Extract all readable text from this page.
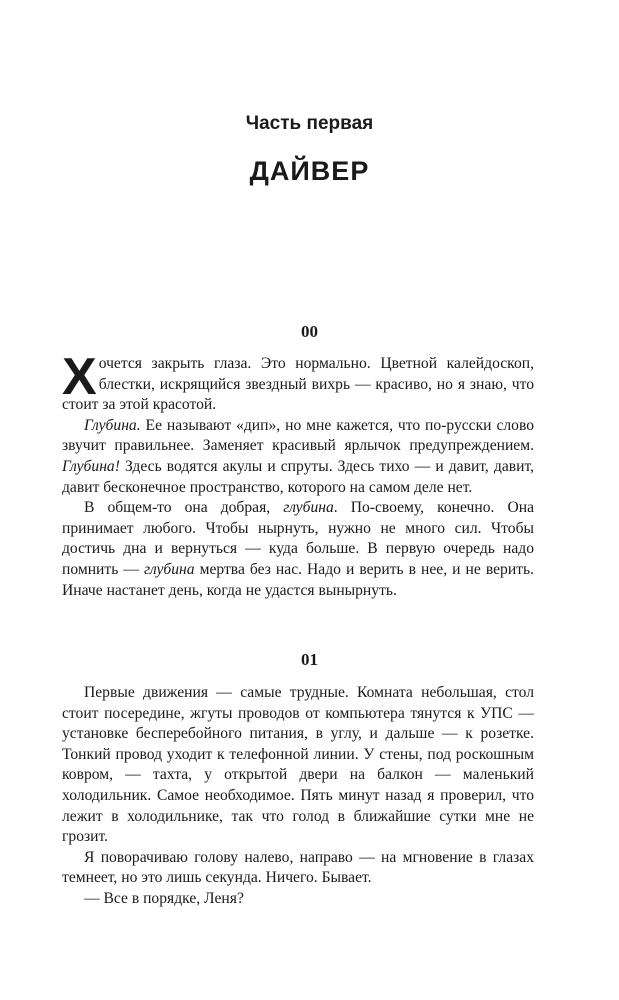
Часть первая
ДАЙВЕР
00

Хочется закрыть глаза. Это нормально. Цветной калейдоскоп, блестки, искрящийся звездный вихрь — красиво, но я знаю, что стоит за этой красотой.

Глубина. Ее называют «дип», но мне кажется, что по-русски слово звучит правильнее. Заменяет красивый ярлычок предупреждением. Глубина! Здесь водятся акулы и спруты. Здесь тихо — и давит, давит, давит бесконечное пространство, которого на самом деле нет.

В общем-то она добрая, глубина. По-своему, конечно. Она принимает любого. Чтобы нырнуть, нужно не много сил. Чтобы достичь дна и вернуться — куда больше. В первую очередь надо помнить — глубина мертва без нас. Надо и верить в нее, и не верить. Иначе настанет день, когда не удастся вынырнуть.

01

Первые движения — самые трудные. Комната небольшая, стол стоит посередине, жгуты проводов от компьютера тянутся к УПС — установке бесперебойного питания, в углу, и дальше — к розетке. Тонкий провод уходит к телефонной линии. У стены, под роскошным ковром, — тахта, у открытой двери на балкон — маленький холодильник. Самое необходимое. Пять минут назад я проверил, что лежит в холодильнике, так что голод в ближайшие сутки мне не грозит.

Я поворачиваю голову налево, направо — на мгновение в глазах темнеет, но это лишь секунда. Ничего. Бывает.

— Все в порядке, Леня?
